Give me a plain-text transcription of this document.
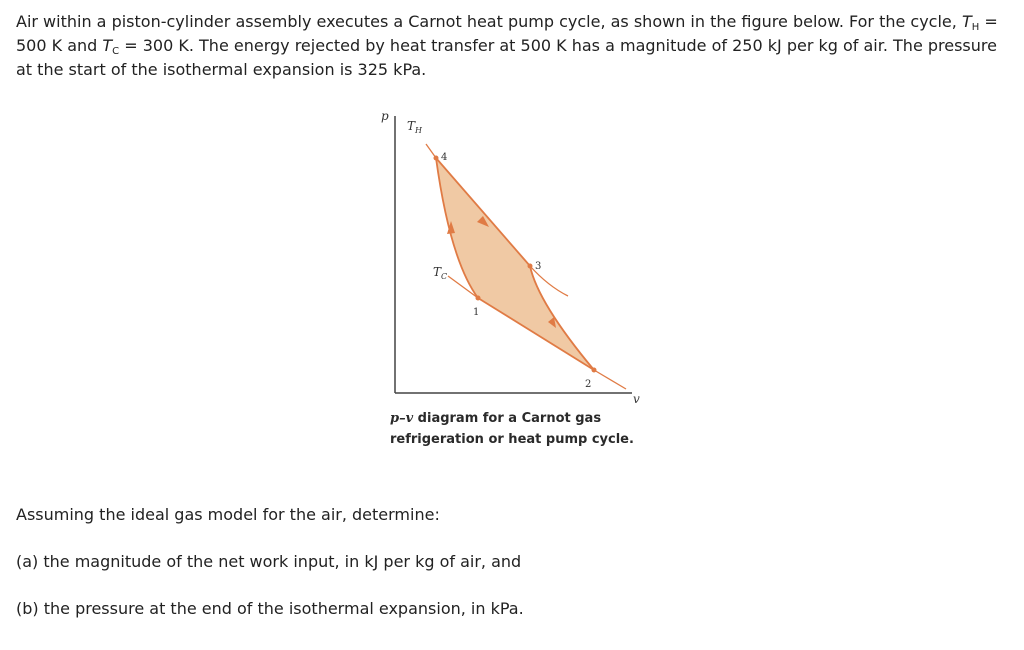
Air within a piston-cylinder assembly executes a Carnot heat pump cycle, as shown in the figure below. For the cycle, $T_H = 500$ K and $T_C = 300$ K. The energy rejected by heat transfer at 500 K has a magnitude of 250 kJ per kg of air. The pressure at the start of the isothermal expansion is 325 kPa.

p
v
$T_H$
$T_C$
4
3
2
1
p–v diagram for a Carnot gas
refrigeration or heat pump cycle.

Assuming the ideal gas model for the air, determine:

(a) the magnitude of the net work input, in kJ per kg of air, and

(b) the pressure at the end of the isothermal expansion, in kPa.
